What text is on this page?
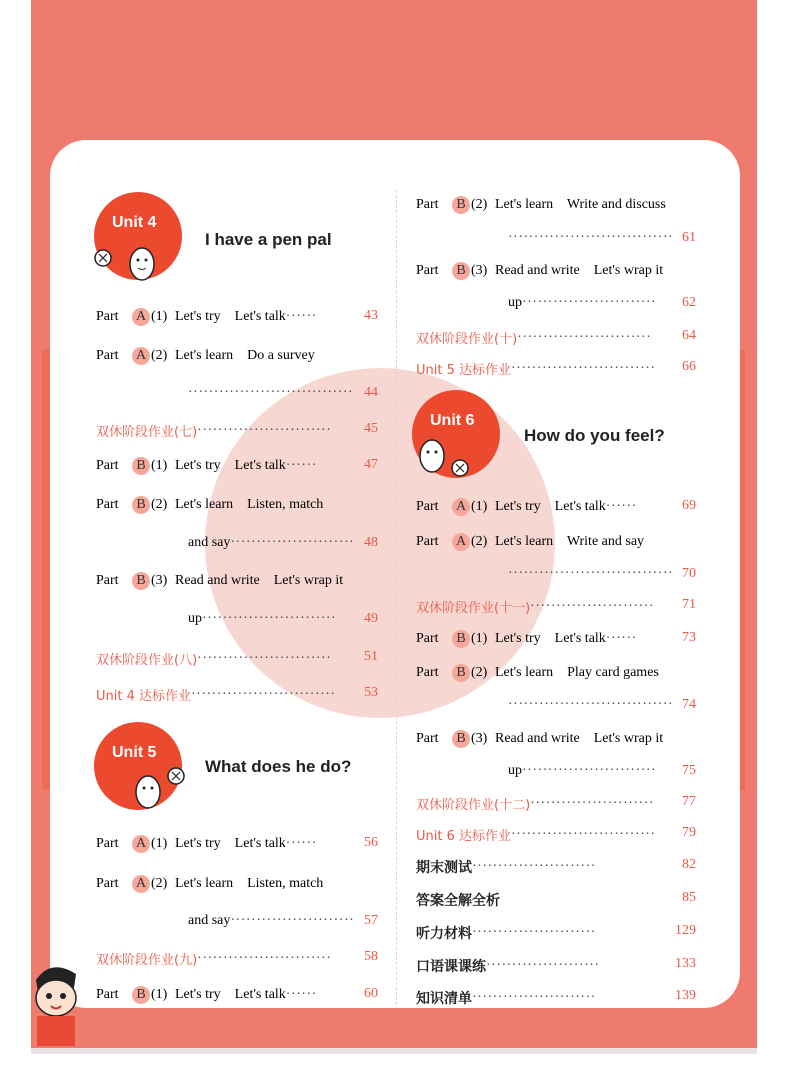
Unit 4
I have a pen pal
Part	A (1) Let's try    Let's talk ······	43
Part	A (2) Let's learn    Do a survey
································ 44
双休阶段作业(七) ··························	45
Part	B (1) Let's try    Let's talk ······	47
Part	B (2) Let's learn    Listen, match
and say ························ 48
Part	B (3) Read and write    Let's wrap it
up ··························	49
双休阶段作业(八) ··························	51
Unit 4 达标作业 ····························	53
Unit 5
What does he do?
Part	A (1) Let's try    Let's talk ······	56
Part	A (2) Let's learn    Listen, match
and say ························ 57
双休阶段作业(九) ··························	58
Part	B (1) Let's try    Let's talk ······	60
Part	B (2) Let's learn    Write and discuss
································ 61
Part	B (3) Read and write    Let's wrap it
up ··························	62
双休阶段作业(十) ··························	64
Unit 5 达标作业 ····························	66
Unit 6
How do you feel?
Part	A (1) Let's try    Let's talk ······	69
Part	A (2) Let's learn    Write and say
································ 70
双休阶段作业(十一) ························	71
Part	B (1) Let's try    Let's talk ······	73
Part	B (2) Let's learn    Play card games
································ 74
Part	B (3) Read and write    Let's wrap it
up ··························	75
双休阶段作业(十二) ························	77
Unit 6 达标作业 ····························	79
期末测试 ························	82
答案全解全析	85
听力材料 ························	129
口语课课练 ······················	133
知识清单 ························	139
